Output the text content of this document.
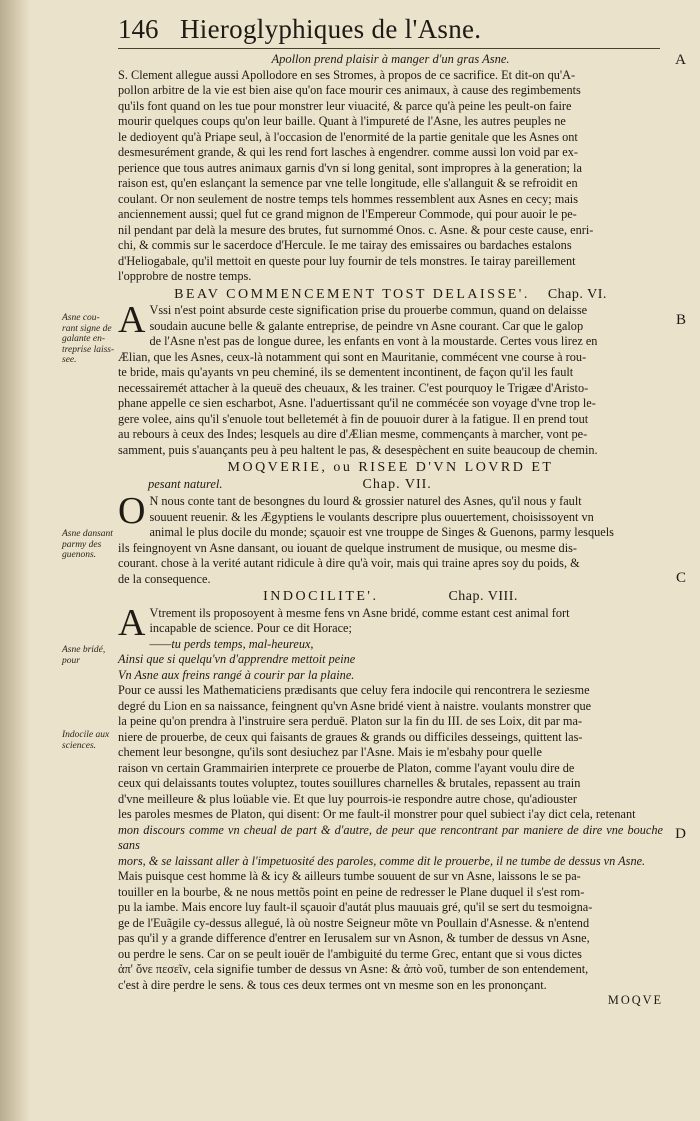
146 Hieroglyphiques de l'Asne.
A
B
C
D
Asne cou-
rant signe de
galante en-
treprise laiss-
see.
Asne dansant
parmy des
guenons.
Asne bridé,
pour
Indocile aux
sciences.

Apollon prend plaisir à manger d'un gras Asne.

S. Clement allegue aussi Apollodore en ses Stromes, à propos de ce sacrifice. Et dit-on qu'A-

pollon arbitre de la vie est bien aise qu'on face mourir ces animaux, à cause des regimbements

qu'ils font quand on les tue pour monstrer leur viuacité, & parce qu'à peine les peult-on faire

mourir quelques coups qu'on leur baille. Quant à l'impureté de l'Asne, les autres peuples ne

le dedioyent qu'à Priape seul, à l'occasion de l'enormité de la partie genitale que les Asnes ont

desmesurément grande, & qui les rend fort lasches à engendrer. comme aussi lon void par ex-

perience que tous autres animaux garnis d'vn si long genital, sont impropres à la generation; la

raison est, qu'en eslançant la semence par vne telle longitude, elle s'allanguit & se refroidit en

coulant. Or non seulement de nostre temps tels hommes ressemblent aux Asnes en cecy; mais

anciennement aussi; quel fut ce grand mignon de l'Empereur Commode, qui pour auoir le pe-

nil pendant par delà la mesure des brutes, fut surnommé Onos. c. Asne. & pour ceste cause, enri-

chi, & commis sur le sacerdoce d'Hercule. Ie me tairay des emissaires ou bardaches estalons

d'Heliogabale, qu'il mettoit en queste pour luy fournir de tels monstres. Ie tairay pareillement

l'opprobre de nostre temps.

BEAV COMMENCEMENT TOST DELAISSE'. Chap. VI.
A Vssi n'est point absurde ceste signification prise du prouerbe commun, quand on delaisse

soudain aucune belle & galante entreprise, de peindre vn Asne courant. Car que le galop

de l'Asne n'est pas de longue duree, les enfants en vont à la moustarde. Certes vous lirez en

Ælian, que les Asnes, ceux-là notamment qui sont en Mauritanie, commécent vne course à rou-

te bride, mais qu'ayants vn peu cheminé, ils se dementent incontinent, de façon qu'il les fault

necessairemét attacher à la queuë des cheuaux, & les trainer. C'est pourquoy le Trigæe d'Aristo-

phane appelle ce sien escharbot, Asne. l'aduertissant qu'il ne commécée son voyage d'vne trop le-

gere volee, ains qu'il s'enuole tout belletemét à fin de pouuoir durer à la fatigue. Il en prend tout

au rebours à ceux des Indes; lesquels au dire d'Ælian mesme, commençants à marcher, vont pe-

samment, puis s'auançants peu à peu haltent le pas, & desespèchent en suite beaucoup de chemin.

MOQVERIE, ou RISEE D'VN LOVRD ET
pesant naturel.	Chap. VII.
O N nous conte tant de besongnes du lourd & grossier naturel des Asnes, qu'il nous y fault

souuent reuenir. & les Ægyptiens le voulants descripre plus ouuertement, choisissoyent vn

animal le plus docile du monde; sçauoir est vne trouppe de Singes & Guenons, parmy lesquels

ils feingnoyent vn Asne dansant, ou iouant de quelque instrument de musique, ou mesme dis-

courant. chose à la verité autant ridicule à dire qu'à voir, mais qui traine apres soy du poids, &

de la consequence.

INDOCILITE'.	Chap. VIII.
A Vtrement ils proposoyent à mesme fens vn Asne bridé, comme estant cest animal fort

incapable de science. Pour ce dit Horace;

——tu perds temps, mal-heureux,

Ainsi que si quelqu'vn d'apprendre mettoit peine

Vn Asne aux freins rangé à courir par la plaine.

Pour ce aussi les Mathematiciens prædisants que celuy fera indocile qui rencontrera le seziesme

degré du Lion en sa naissance, feingnent qu'vn Asne bridé vient à naistre. voulants monstrer que

la peine qu'on prendra à l'instruire sera perduë. Platon sur la fin du III. de ses Loix, dit par ma-

niere de prouerbe, de ceux qui faisants de graues & grands ou difficiles desseings, quittent las-

chement leur besongne, qu'ils sont desiuchez par l'Asne. Mais ie m'esbahy pour quelle

raison vn certain Grammairien interprete ce prouerbe de Platon, comme l'ayant voulu dire de

ceux qui delaissants toutes voluptez, toutes souillures charnelles & brutales, repassent au train

d'vne meilleure & plus loüable vie. Et que luy pourrois-ie respondre autre chose, qu'adiouster

les paroles mesmes de Platon, qui disent: Or me fault-il monstrer pour quel subiect i'ay dict cela, retenant

mon discours comme vn cheual de part & d'autre, de peur que rencontrant par maniere de dire vne bouche sans

mors, & se laissant aller à l'impetuosité des paroles, comme dit le prouerbe, il ne tumbe de dessus vn Asne.

Mais puisque cest homme là & icy & ailleurs tumbe souuent de sur vn Asne, laissons le se pa-

touiller en la bourbe, & ne nous mettõs point en peine de redresser le Plane duquel il s'est rom-

pu la iambe. Mais encore luy fault-il sçauoir d'autát plus mauuais gré, qu'il se sert du tesmoigna-

ge de l'Euãgile cy-dessus allegué, là où nostre Seigneur mõte vn Poullain d'Asnesse. & n'entend

pas qu'il y a grande difference d'entrer en Ierusalem sur vn Asnon, & tumber de dessus vn Asne,

ou perdre le sens. Car on se peult iouër de l'ambiguité du terme Grec, entant que si vous dictes

ἀπ' ὄνε πεσεῖν, cela signifie tumber de dessus vn Asne: & ἀπὸ νοῦ, tumber de son entendement,

c'est à dire perdre le sens. & tous ces deux termes ont vn mesme son en les prononçant.

MOQVE
